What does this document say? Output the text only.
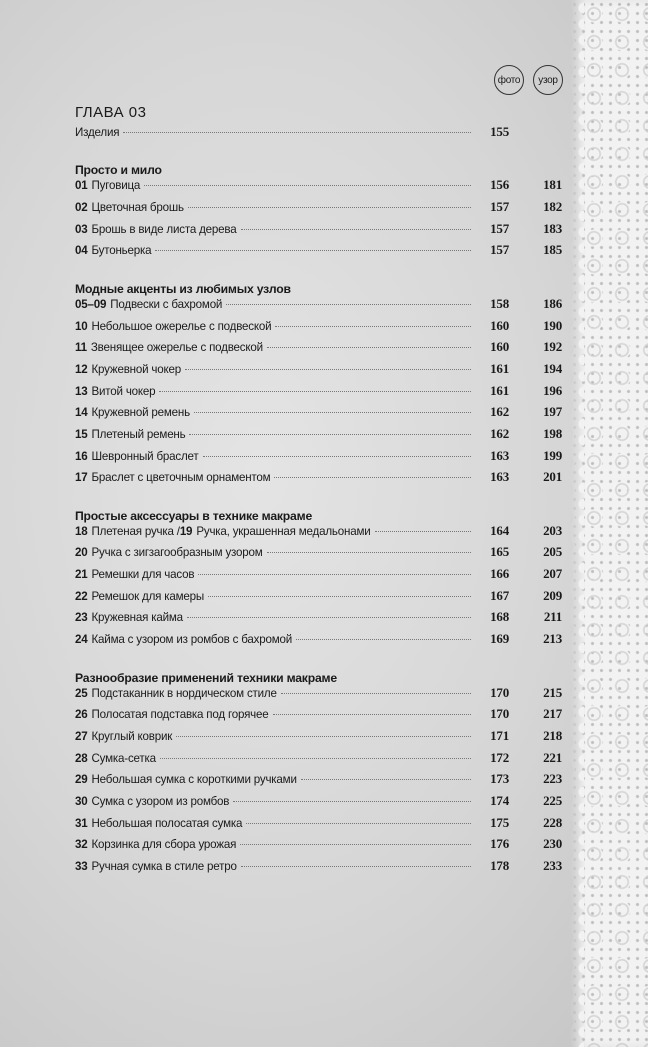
фото	узор
ГЛАВА 03
Изделия	155
Просто и мило
01 Пуговица	156	181
02 Цветочная брошь	157	182
03 Брошь в виде листа дерева	157	183
04 Бутоньерка	157	185
Модные акценты из любимых узлов
05–09 Подвески с бахромой	158	186
10 Небольшое ожерелье с подвеской	160	190
11 Звенящее ожерелье с подвеской	160	192
12 Кружевной чокер	161	194
13 Витой чокер	161	196
14 Кружевной ремень	162	197
15 Плетеный ремень	162	198
16 Шевронный браслет	163	199
17 Браслет с цветочным орнаментом	163	201
Простые аксессуары в технике макраме
18 Плетеная ручка / 19 Ручка, украшенная медальонами	164	203
20 Ручка с зигзагообразным узором	165	205
21 Ремешки для часов	166	207
22 Ремешок для камеры	167	209
23 Кружевная кайма	168	211
24 Кайма с узором из ромбов с бахромой	169	213
Разнообразие применений техники макраме
25 Подстаканник в нордическом стиле	170	215
26 Полосатая подставка под горячее	170	217
27 Круглый коврик	171	218
28 Сумка-сетка	172	221
29 Небольшая сумка с короткими ручками	173	223
30 Сумка с узором из ромбов	174	225
31 Небольшая полосатая сумка	175	228
32 Корзинка для сбора урожая	176	230
33 Ручная сумка в стиле ретро	178	233
